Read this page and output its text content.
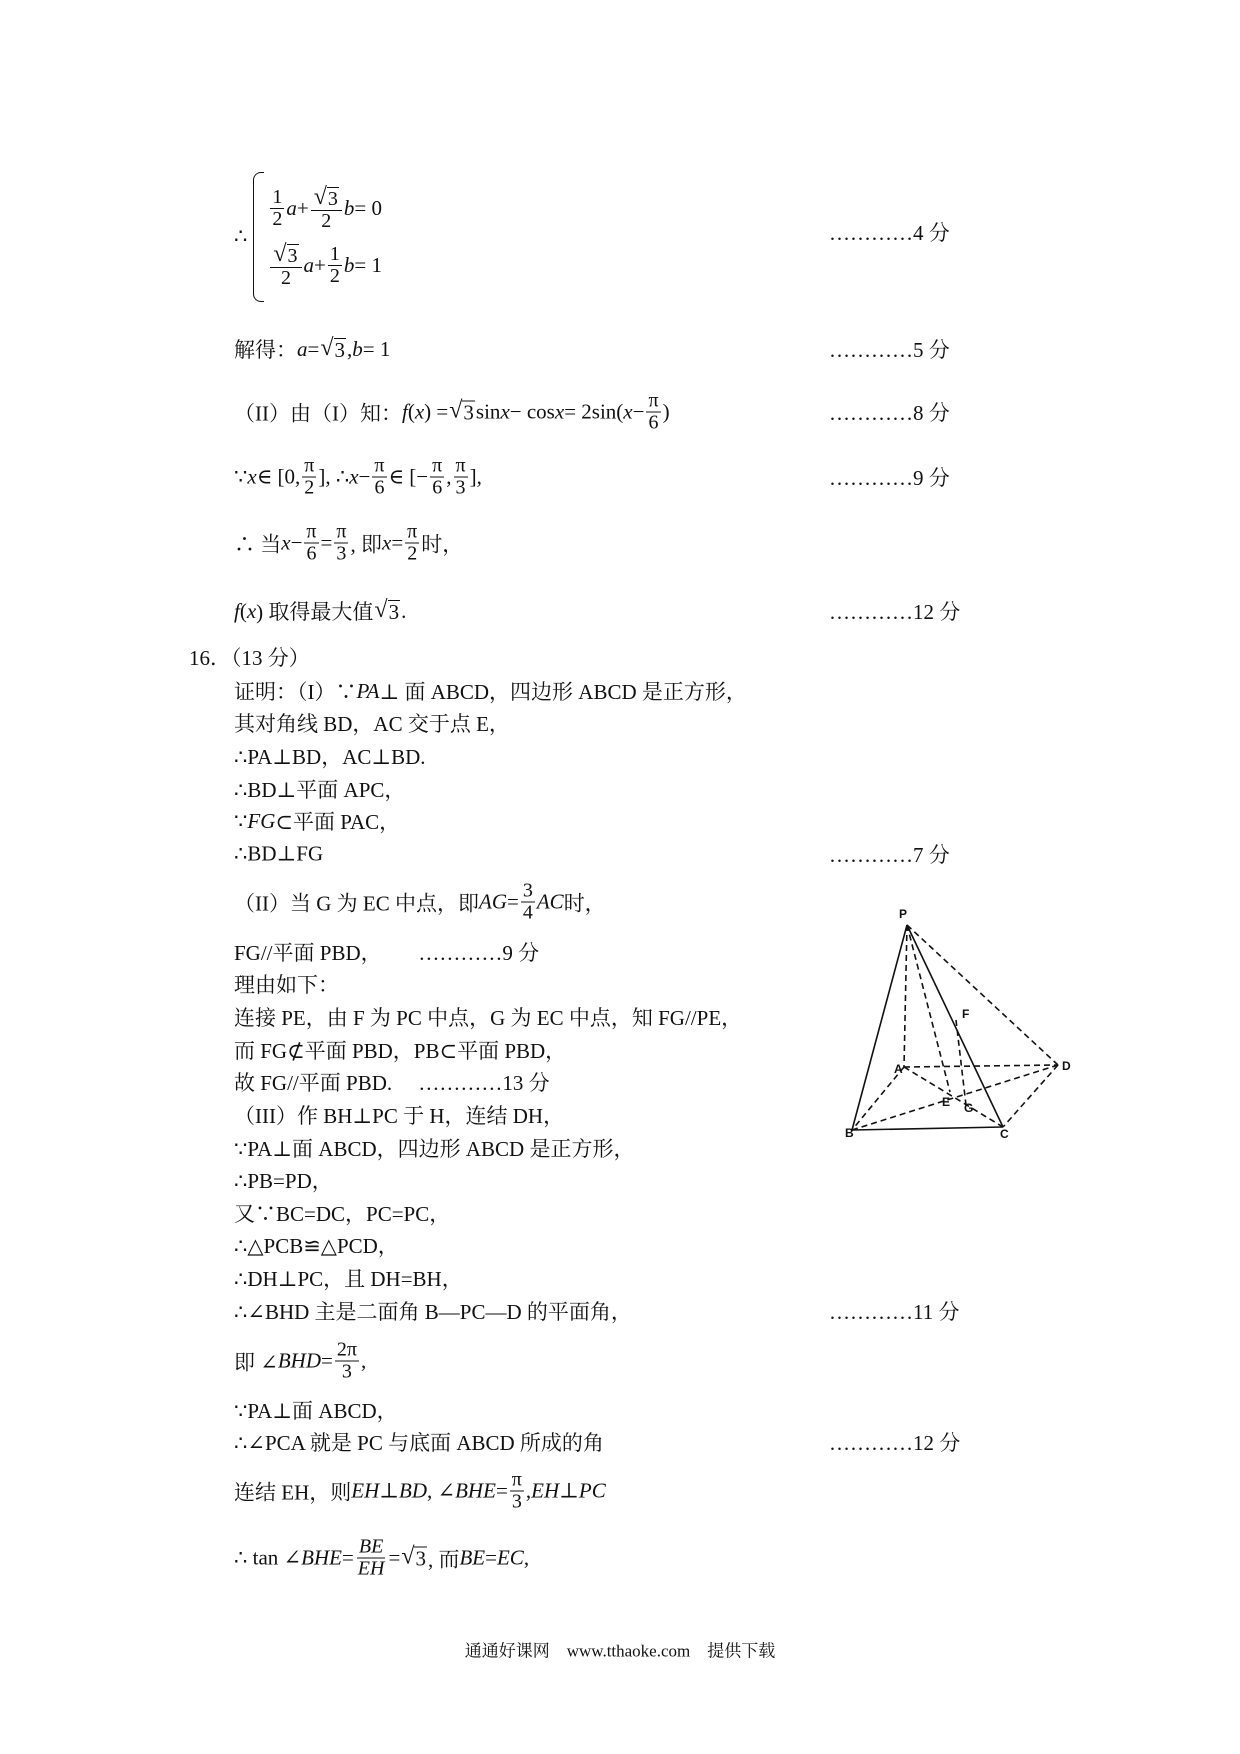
∴
$\frac{1}{2}$ $a + \frac{√ 3}{2}$ b = 0
$\frac{√ 3}{2}$ $a + \frac{1}{2}$ b = 1
…………4 分
解得： a = √ 3 , b = 1	…………5 分
（II）由（I）知： f ( x ) = √ 3 sin x − cos x = 2sin( $x - \frac{\pi}{6}$ )	…………8 分
∵ x ∈ [0, $\frac{\pi}{2}$ ], ∴ $x - \frac{\pi}{6}$ ∈ [− $\frac{\pi}{6}$ , $\frac{\pi}{3}$ ],	…………9 分
∴ 当 $x - \frac{\pi}{6} = \frac{\pi}{3}$ , 即 $x = \frac{\pi}{2}$ 时，
f ( x ) 取得最大值 √ 3 .	…………12 分
16．（13 分）
证明：（I）∵ PA ⊥ 面 ABCD，四边形 ABCD 是正方形，
其对角线 BD，AC 交于点 E，
∴PA⊥BD，AC⊥BD.
∴BD⊥平面 APC，
∵ FG ⊂平面 PAC，
∴BD⊥FG	…………7 分
（II）当 G 为 EC 中点，即 AG = $\frac{3}{4}$ AC 时，
FG//平面 PBD，　　 …………9 分
理由如下：
连接 PE，由 F 为 PC 中点，G 为 EC 中点，知 FG//PE，
而 FG⊄平面 PBD，PB⊂平面 PBD，
故 FG//平面 PBD.　 …………13 分
（III）作 BH⊥PC 于 H，连结 DH，
∵PA⊥面 ABCD，四边形 ABCD 是正方形，
∴PB=PD，
又∵BC=DC，PC=PC，
∴△PCB≌△PCD，
∴DH⊥PC，且 DH=BH，
∴∠BHD 主是二面角 B—PC—D 的平面角，	…………11 分
即 ∠ BHD = $\frac{2\pi}{3}$ ,
∵PA⊥面 ABCD，
∴∠PCA 就是 PC 与底面 ABCD 所成的角	…………12 分
连结 EH，则 EH ⊥ BD , ∠ BHE = $\frac{\pi}{3}$ , EH ⊥ PC
∴ tan ∠ BHE = $\frac{BE}{EH}$ = √ 3 , 而 BE = EC ,
P
A
B	C
D
E
F
G
通通好课网　www.tthaoke.com　提供下载
